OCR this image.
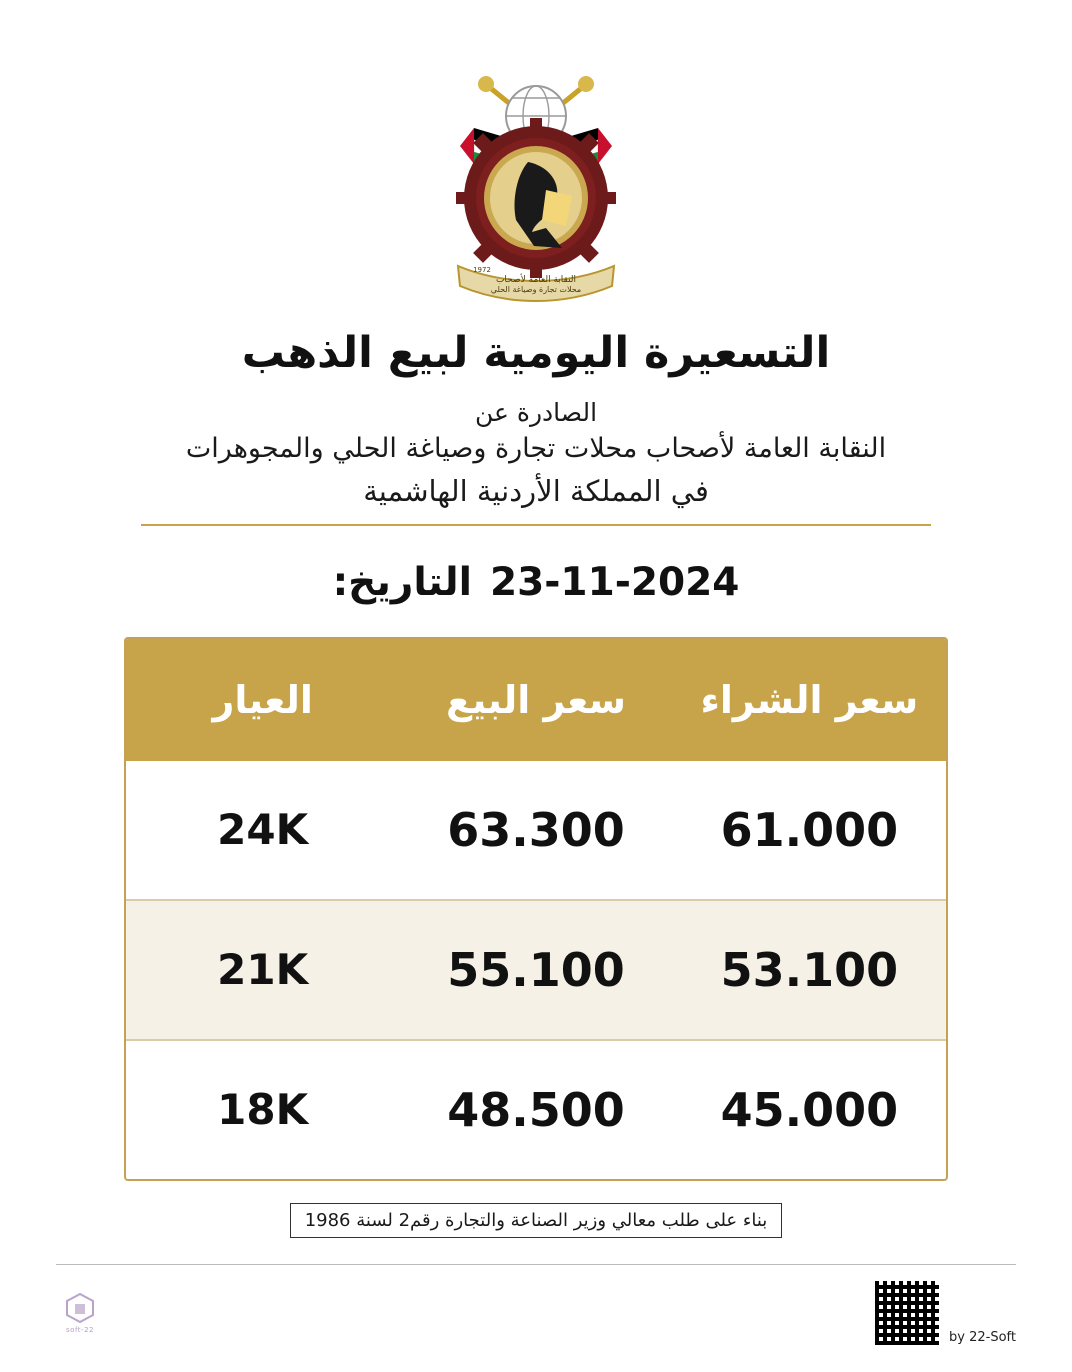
النقابة العامة لأصحاب
محلات تجارة وصياغة الحلي
1972
التسعيرة اليومية لبيع الذهب
الصادرة عن
النقابة العامة لأصحاب محلات تجارة وصياغة الحلي والمجوهرات
في المملكة الأردنية الهاشمية
23-11-2024
التاريخ:
سعر الشراء
سعر البيع
العيار
61.000
63.300
24K
53.100
55.100
21K
45.000
48.500
18K
بناء على طلب معالي وزير الصناعة والتجارة رقم2 لسنة 1986
by 22-Soft
22-soft
